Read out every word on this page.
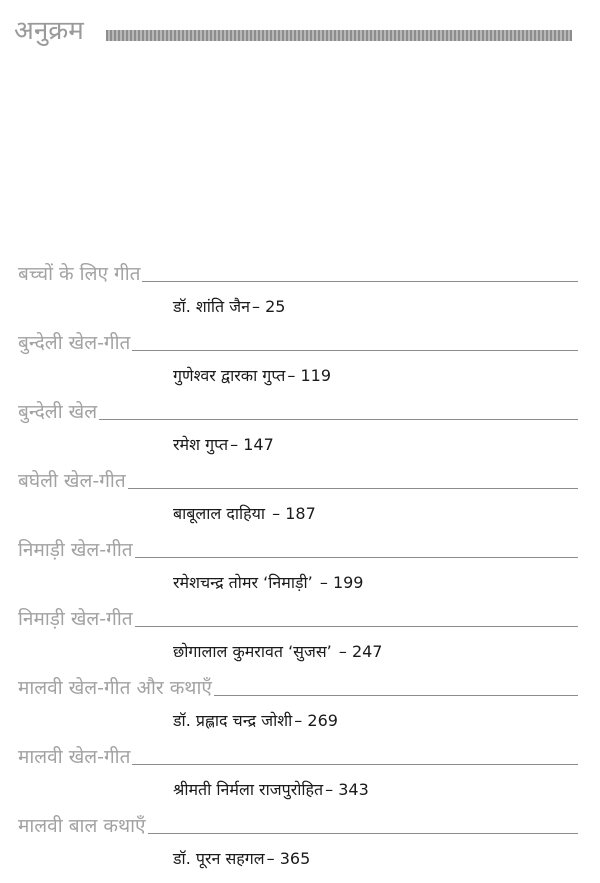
अनुक्रम
बच्चों के लिए गीत
डॉ. शांति जैन – 25
बुन्देली खेल-गीत
गुणेश्वर द्वारका गुप्त – 119
बुन्देली खेल
रमेश गुप्त – 147
बघेली खेल-गीत
बाबूलाल दाहिया – 187
निमाड़ी खेल-गीत
रमेशचन्द्र तोमर ‘निमाड़ी’ – 199
निमाड़ी खेल-गीत
छोगालाल कुमरावत ‘सुजस’ – 247
मालवी खेल-गीत और कथाएँ
डॉ. प्रह्लाद चन्द्र जोशी – 269
मालवी खेल-गीत
श्रीमती निर्मला राजपुरोहित – 343
मालवी बाल कथाएँ
डॉ. पूरन सहगल – 365
